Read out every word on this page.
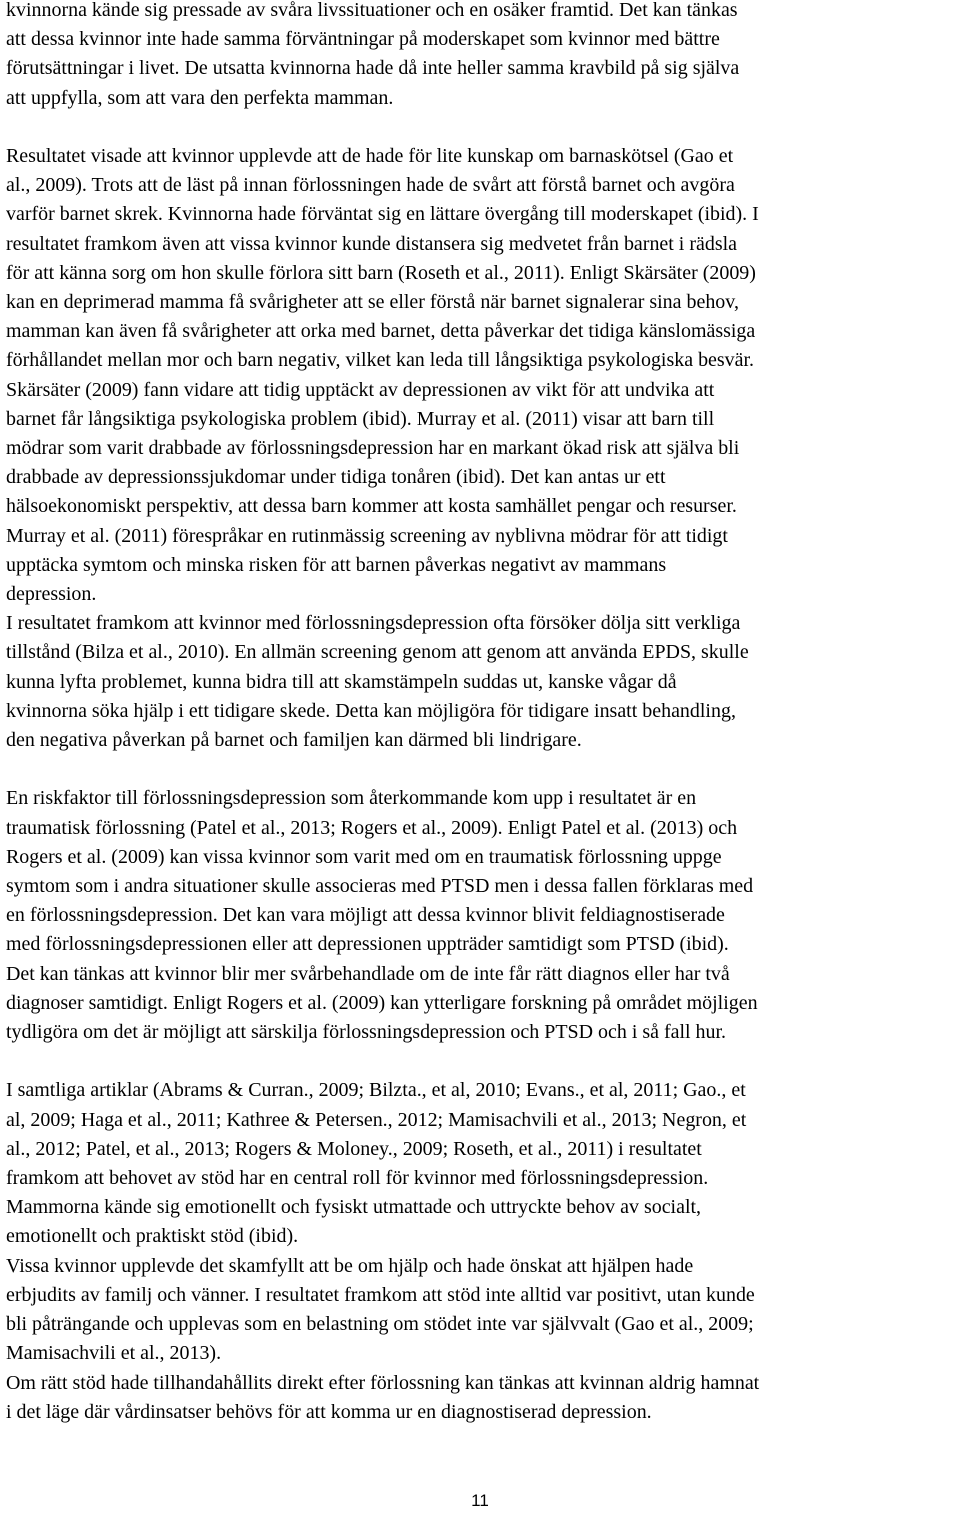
kvinnorna kände sig pressade av svåra livssituationer och en osäker framtid. Det kan tänkas
att dessa kvinnor inte hade samma förväntningar på moderskapet som kvinnor med bättre
förutsättningar i livet. De utsatta kvinnorna hade då inte heller samma kravbild på sig själva
att uppfylla, som att vara den perfekta mamman.
Resultatet visade att kvinnor upplevde att de hade för lite kunskap om barnaskötsel (Gao et
al., 2009). Trots att de läst på innan förlossningen hade de svårt att förstå barnet och avgöra
varför barnet skrek. Kvinnorna hade förväntat sig en lättare övergång till moderskapet (ibid). I
resultatet framkom även att vissa kvinnor kunde distansera sig medvetet från barnet i rädsla
för att känna sorg om hon skulle förlora sitt barn (Roseth et al., 2011). Enligt Skärsäter (2009)
kan en deprimerad mamma få svårigheter att se eller förstå när barnet signalerar sina behov,
mamman kan även få svårigheter att orka med barnet, detta påverkar det tidiga känslomässiga
förhållandet mellan mor och barn negativ, vilket kan leda till långsiktiga psykologiska besvär.
Skärsäter (2009) fann vidare att tidig upptäckt av depressionen av vikt för att undvika att
barnet får långsiktiga psykologiska problem (ibid). Murray et al. (2011) visar att barn till
mödrar som varit drabbade av förlossningsdepression har en markant ökad risk att själva bli
drabbade av depressionssjukdomar under tidiga tonåren (ibid). Det kan antas ur ett
hälsoekonomiskt perspektiv, att dessa barn kommer att kosta samhället pengar och resurser.
Murray et al. (2011) förespråkar en rutinmässig screening av nyblivna mödrar för att tidigt
upptäcka symtom och minska risken för att barnen påverkas negativt av mammans
depression.
I resultatet framkom att kvinnor med förlossningsdepression ofta försöker dölja sitt verkliga
tillstånd (Bilza et al., 2010). En allmän screening genom att genom att använda EPDS, skulle
kunna lyfta problemet, kunna bidra till att skamstämpeln suddas ut, kanske vågar då
kvinnorna söka hjälp i ett tidigare skede. Detta kan möjligöra för tidigare insatt behandling,
den negativa påverkan på barnet och familjen kan därmed bli lindrigare.
En riskfaktor till förlossningsdepression som återkommande kom upp i resultatet är en
traumatisk förlossning (Patel et al., 2013; Rogers et al., 2009). Enligt Patel et al. (2013) och
Rogers et al. (2009) kan vissa kvinnor som varit med om en traumatisk förlossning uppge
symtom som i andra situationer skulle associeras med PTSD men i dessa fallen förklaras med
en förlossningsdepression. Det kan vara möjligt att dessa kvinnor blivit feldiagnostiserade
med förlossningsdepressionen eller att depressionen uppträder samtidigt som PTSD (ibid).
Det kan tänkas att kvinnor blir mer svårbehandlade om de inte får rätt diagnos eller har två
diagnoser samtidigt. Enligt Rogers et al. (2009) kan ytterligare forskning på området möjligen
tydligöra om det är möjligt att särskilja förlossningsdepression och PTSD och i så fall hur.
I samtliga artiklar (Abrams & Curran., 2009; Bilzta., et al, 2010; Evans., et al, 2011; Gao., et
al, 2009; Haga et al., 2011; Kathree & Petersen., 2012; Mamisachvili et al., 2013; Negron, et
al., 2012; Patel, et al., 2013; Rogers & Moloney., 2009; Roseth, et al., 2011) i resultatet
framkom att behovet av stöd har en central roll för kvinnor med förlossningsdepression.
Mammorna kände sig emotionellt och fysiskt utmattade och uttryckte behov av socialt,
emotionellt och praktiskt stöd (ibid).
Vissa kvinnor upplevde det skamfyllt att be om hjälp och hade önskat att hjälpen hade
erbjudits av familj och vänner. I resultatet framkom att stöd inte alltid var positivt, utan kunde
bli påträngande och upplevas som en belastning om stödet inte var självvalt (Gao et al., 2009;
Mamisachvili et al., 2013).
Om rätt stöd hade tillhandahållits direkt efter förlossning kan tänkas att kvinnan aldrig hamnat
i det läge där vårdinsatser behövs för att komma ur en diagnostiserad depression.
11
